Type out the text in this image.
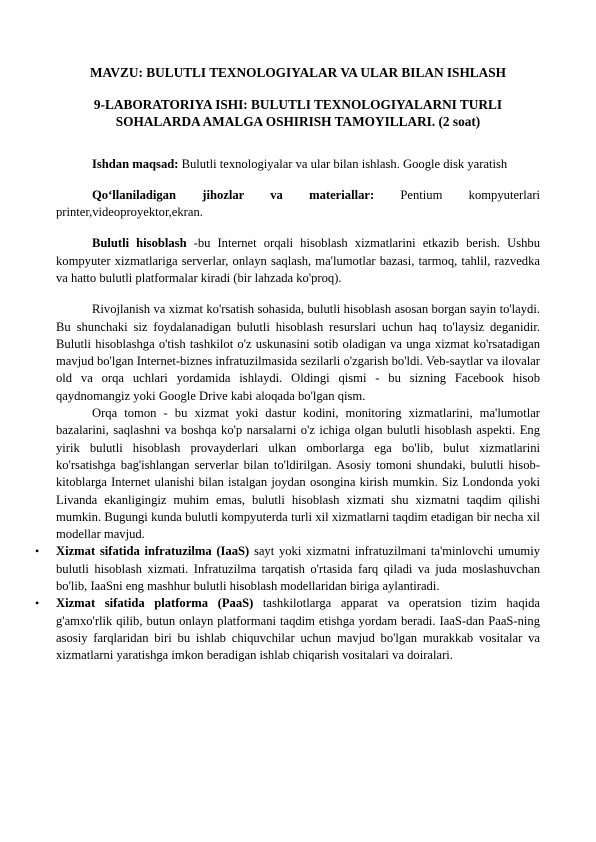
MAVZU: BULUTLI TEXNOLOGIYALAR VA ULAR BILAN ISHLASH
9-LABORATORIYA ISHI: BULUTLI TEXNOLOGIYALARNI TURLI SOHALARDA AMALGA OSHIRISH TAMOYILLARI. (2 soat)

Ishdan maqsad: Bulutli texnologiyalar va ular bilan ishlash. Google disk yaratish

Qo‘llaniladigan jihozlar va materiallar: Pentium kompyuterlari printer,videoproyektor,ekran.

Bulutli hisoblash -bu Internet orqali hisoblash xizmatlarini etkazib berish. Ushbu kompyuter xizmatlariga serverlar, onlayn saqlash, ma'lumotlar bazasi, tarmoq, tahlil, razvedka va hatto bulutli platformalar kiradi (bir lahzada ko'proq).

Rivojlanish va xizmat ko'rsatish sohasida, bulutli hisoblash asosan borgan sayin to'laydi. Bu shunchaki siz foydalanadigan bulutli hisoblash resurslari uchun haq to'laysiz deganidir. Bulutli hisoblashga o'tish tashkilot o'z uskunasini sotib oladigan va unga xizmat ko'rsatadigan mavjud bo'lgan Internet-biznes infratuzilmasida sezilarli o'zgarish bo'ldi. Veb-saytlar va ilovalar old va orqa uchlari yordamida ishlaydi. Oldingi qismi - bu sizning Facebook hisob qaydnomangiz yoki Google Drive kabi aloqada bo'lgan qism.

Orqa tomon - bu xizmat yoki dastur kodini, monitoring xizmatlarini, ma'lumotlar bazalarini, saqlashni va boshqa ko'p narsalarni o'z ichiga olgan bulutli hisoblash aspekti. Eng yirik bulutli hisoblash provayderlari ulkan omborlarga ega bo'lib, bulut xizmatlarini ko'rsatishga bag'ishlangan serverlar bilan to'ldirilgan. Asosiy tomoni shundaki, bulutli hisob-kitoblarga Internet ulanishi bilan istalgan joydan osongina kirish mumkin. Siz Londonda yoki Livanda ekanligingiz muhim emas, bulutli hisoblash xizmati shu xizmatni taqdim qilishi mumkin. Bugungi kunda bulutli kompyuterda turli xil xizmatlarni taqdim etadigan bir necha xil modellar mavjud.

• Xizmat sifatida infratuzilma (IaaS) sayt yoki xizmatni infratuzilmani ta'minlovchi umumiy bulutli hisoblash xizmati. Infratuzilma tarqatish o'rtasida farq qiladi va juda moslashuvchan bo'lib, IaaSni eng mashhur bulutli hisoblash modellaridan biriga aylantiradi.
• Xizmat sifatida platforma (PaaS) tashkilotlarga apparat va operatsion tizim haqida g'amxo'rlik qilib, butun onlayn platformani taqdim etishga yordam beradi. IaaS-dan PaaS-ning asosiy farqlaridan biri bu ishlab chiquvchilar uchun mavjud bo'lgan murakkab vositalar va xizmatlarni yaratishga imkon beradigan ishlab chiqarish vositalari va doiralari.
